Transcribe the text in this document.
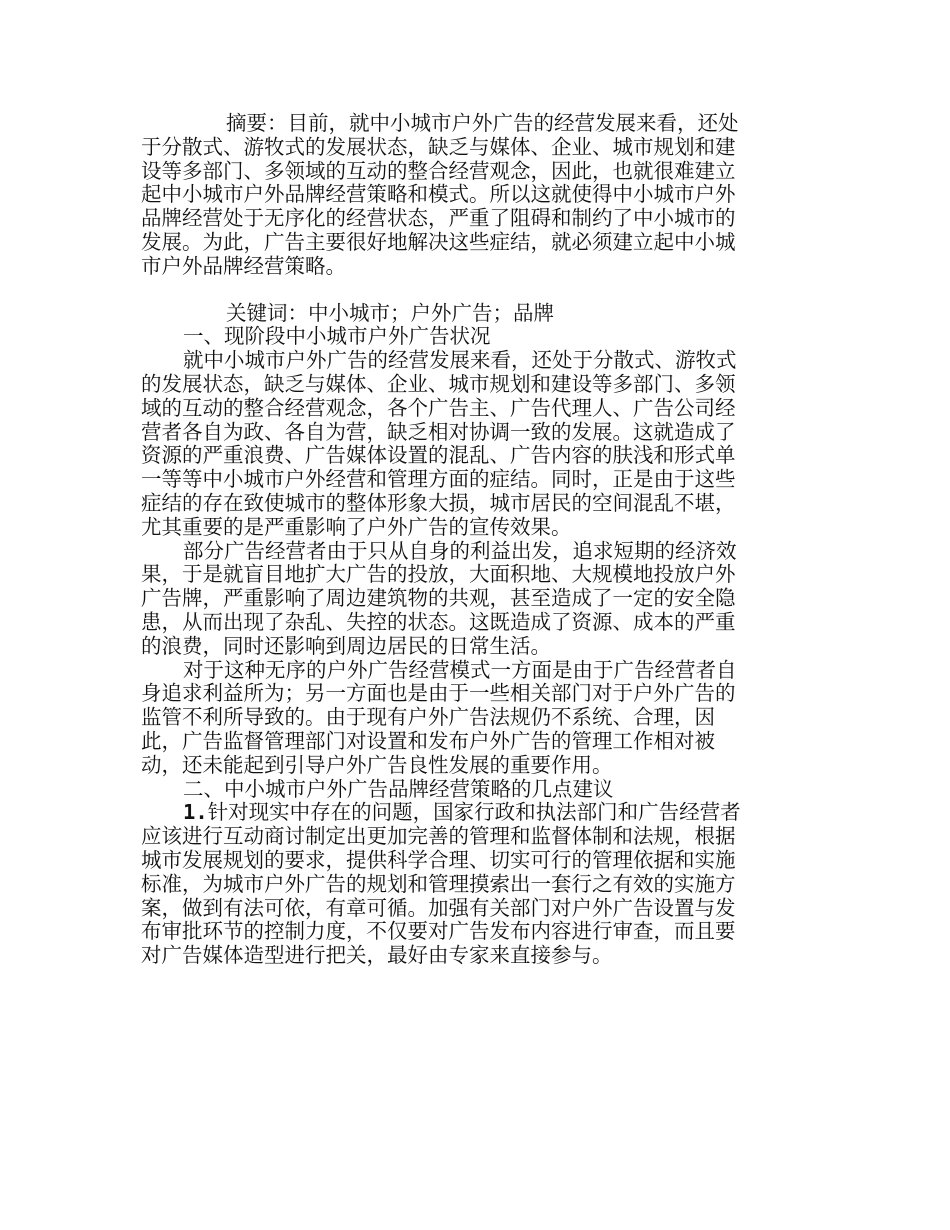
摘要：目前，就中小城市户外广告的经营发展来看，还处于分散式、游牧式的发展状态，缺乏与媒体、企业、城市规划和建设等多部门、多领域的互动的整合经营观念，因此，也就很难建立起中小城市户外品牌经营策略和模式。所以这就使得中小城市户外品牌经营处于无序化的经营状态，严重了阻碍和制约了中小城市的发展。为此，广告主要很好地解决这些症结，就必须建立起中小城市户外品牌经营策略。

关键词：中小城市；户外广告；品牌

一、现阶段中小城市户外广告状况

就中小城市户外广告的经营发展来看，还处于分散式、游牧式的发展状态，缺乏与媒体、企业、城市规划和建设等多部门、多领域的互动的整合经营观念，各个广告主、广告代理人、广告公司经营者各自为政、各自为营，缺乏相对协调一致的发展。这就造成了资源的严重浪费、广告媒体设置的混乱、广告内容的肤浅和形式单一等等中小城市户外经营和管理方面的症结。同时，正是由于这些症结的存在致使城市的整体形象大损，城市居民的空间混乱不堪，尤其重要的是严重影响了户外广告的宣传效果。

部分广告经营者由于只从自身的利益出发，追求短期的经济效果，于是就盲目地扩大广告的投放，大面积地、大规模地投放户外广告牌，严重影响了周边建筑物的共观，甚至造成了一定的安全隐患，从而出现了杂乱、失控的状态。这既造成了资源、成本的严重的浪费，同时还影响到周边居民的日常生活。

对于这种无序的户外广告经营模式一方面是由于广告经营者自身追求利益所为；另一方面也是由于一些相关部门对于户外广告的监管不利所导致的。由于现有户外广告法规仍不系统、合理，因此，广告监督管理部门对设置和发布户外广告的管理工作相对被动，还未能起到引导户外广告良性发展的重要作用。

二、中小城市户外广告品牌经营策略的几点建议

1.针对现实中存在的问题，国家行政和执法部门和广告经营者应该进行互动商讨制定出更加完善的管理和监督体制和法规，根据城市发展规划的要求，提供科学合理、切实可行的管理依据和实施标准，为城市户外广告的规划和管理摸索出一套行之有效的实施方案，做到有法可依，有章可循。加强有关部门对户外广告设置与发布审批环节的控制力度，不仅要对广告发布内容进行审查，而且要对广告媒体造型进行把关，最好由专家来直接参与。
